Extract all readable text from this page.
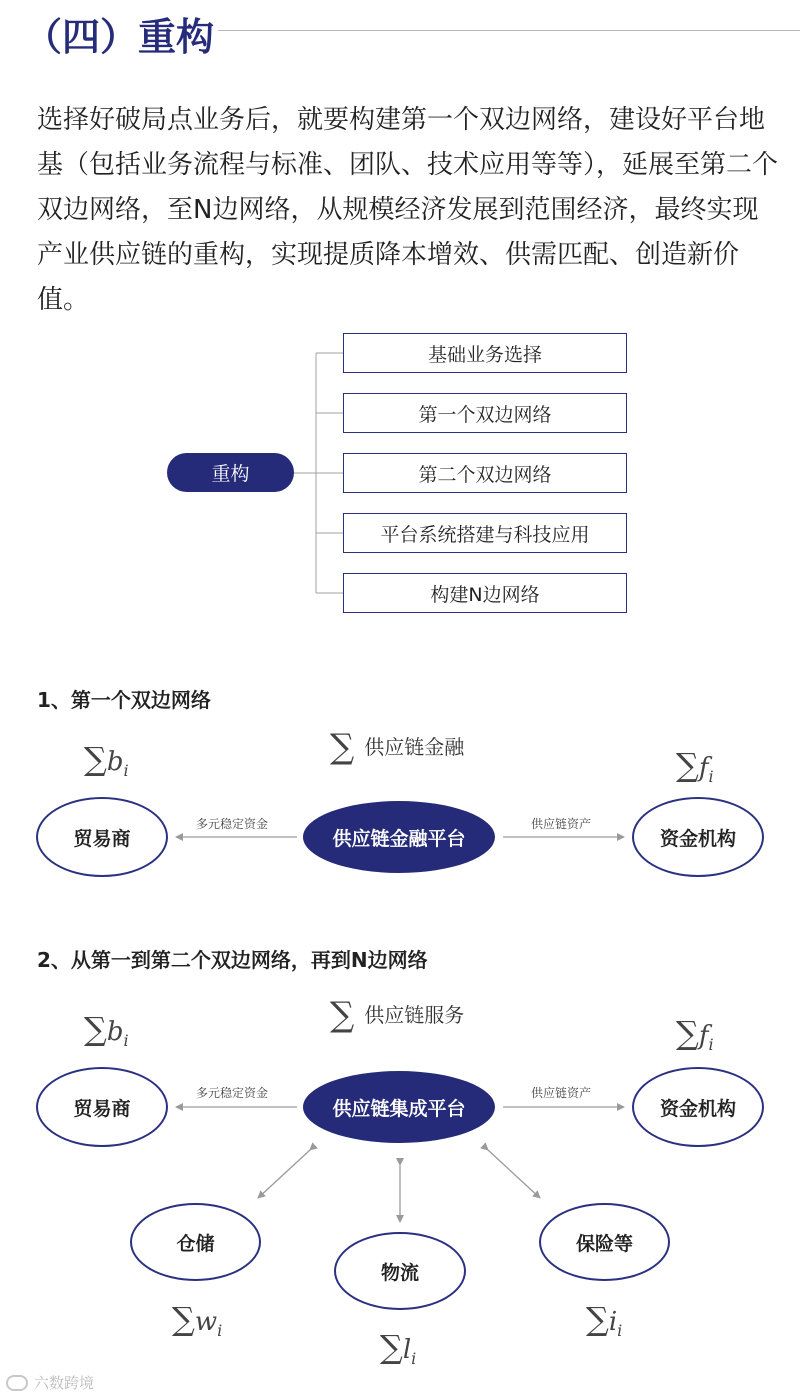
（四）重构

选择好破局点业务后，就要构建第一个双边网络，建设好平台地基（包括业务流程与标准、团队、技术应用等等），延展至第二个双边网络，至N边网络，从规模经济发展到范围经济，最终实现产业供应链的重构，实现提质降本增效、供需匹配、创造新价值。

重构
基础业务选择
第一个双边网络
第二个双边网络
平台系统搭建与科技应用
构建N边网络
1、第一个双边网络
∑ 供应链金融
$\sum b_i$	$\sum f_i$
贸易商	供应链金融平台	资金机构
多元稳定资金	供应链资产
2、从第一到第二个双边网络，再到N边网络
∑ 供应链服务
$\sum b_i$	$\sum f_i$
贸易商	供应链集成平台	资金机构
多元稳定资金	供应链资产
仓储
物流
保险等
$\sum w_i$	$\sum l_i$
$\sum i_i$
六数跨境
